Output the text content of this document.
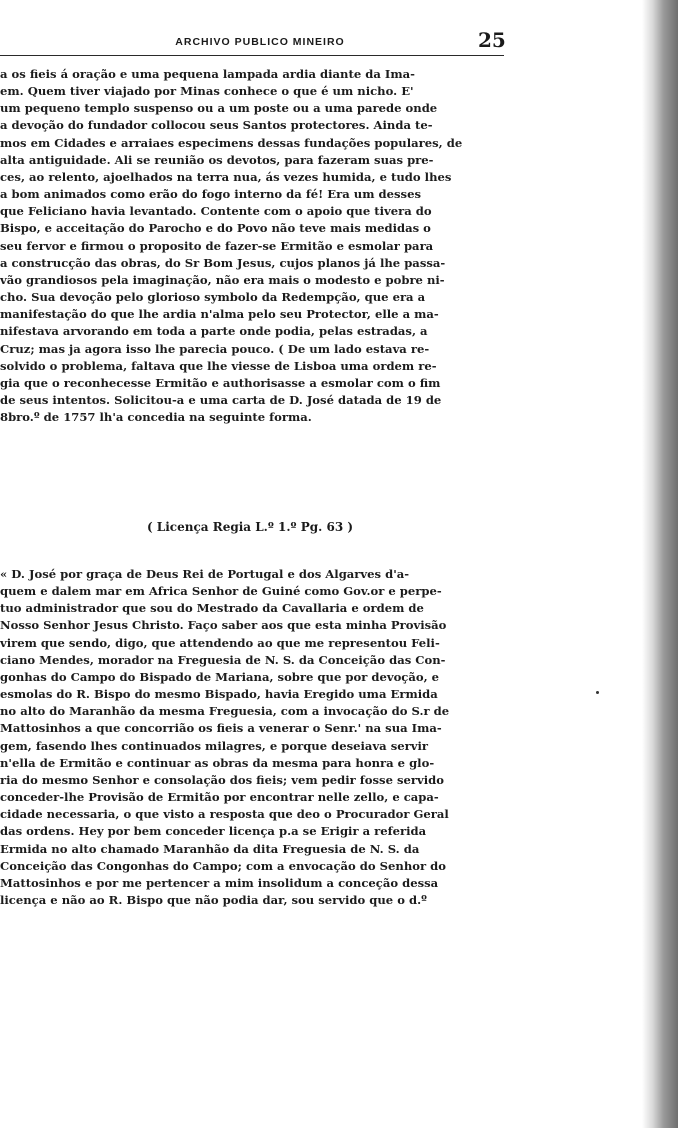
ARCHIVO PUBLICO MINEIRO	25
a os fieis á oração e uma pequena lampada ardia diante da Ima-
em. Quem tiver viajado por Minas conhece o que é um nicho. E'
um pequeno templo suspenso ou a um poste ou a uma parede onde
a devoção do fundador collocou seus Santos protectores. Ainda te-
mos em Cidades e arraiaes especimens dessas fundações populares, de
alta antiguidade. Ali se reunião os devotos, para fazeram suas pre-
ces, ao relento, ajoelhados na terra nua, ás vezes humida, e tudo lhes
a bom animados como erão do fogo interno da fé! Era um desses
que Feliciano havia levantado. Contente com o apoio que tivera do
Bispo, e acceitação do Parocho e do Povo não teve mais medidas o
seu fervor e firmou o proposito de fazer-se Ermitão e esmolar para
a construcção das obras, do Sr Bom Jesus, cujos planos já lhe passa-
vão grandiosos pela imaginação, não era mais o modesto e pobre ni-
cho. Sua devoção pelo glorioso symbolo da Redempção, que era a
manifestação do que lhe ardia n'alma pelo seu Protector, elle a ma-
nifestava arvorando em toda a parte onde podia, pelas estradas, a
Cruz; mas ja agora isso lhe parecia pouco. ( De um lado estava re-
solvido o problema, faltava que lhe viesse de Lisboa uma ordem re-
gia que o reconhecesse Ermitão e authorisasse a esmolar com o fim
de seus intentos. Solicitou-a e uma carta de D. José datada de 19 de
8bro.º de 1757 lh'a concedia na seguinte forma.
( Licença Regia L.º 1.º Pg. 63 )
« D. José por graça de Deus Rei de Portugal e dos Algarves d'a-
quem e dalem mar em Africa Senhor de Guiné como Gov.or e perpe-
tuo administrador que sou do Mestrado da Cavallaria e ordem de
Nosso Senhor Jesus Christo. Faço saber aos que esta minha Provisão
virem que sendo, digo, que attendendo ao que me representou Feli-
ciano Mendes, morador na Freguesia de N. S. da Conceição das Con-
gonhas do Campo do Bispado de Mariana, sobre que por devoção, e
esmolas do R. Bispo do mesmo Bispado, havia Eregido uma Ermida
no alto do Maranhão da mesma Freguesia, com a invocação do S.r de
Mattosinhos a que concorrião os fieis a venerar o Senr.' na sua Ima-
gem, fasendo lhes continuados milagres, e porque deseiava servir
n'ella de Ermitão e continuar as obras da mesma para honra e glo-
ria do mesmo Senhor e consolação dos fieis; vem pedir fosse servido
conceder-lhe Provisão de Ermitão por encontrar nelle zello, e capa-
cidade necessaria, o que visto a resposta que deo o Procurador Geral
das ordens. Hey por bem conceder licença p.a se Erigir a referida
Ermida no alto chamado Maranhão da dita Freguesia de N. S. da
Conceição das Congonhas do Campo; com a envocação do Senhor do
Mattosinhos e por me pertencer a mim insolidum a conceção dessa
licença e não ao R. Bispo que não podia dar, sou servido que o d.º
